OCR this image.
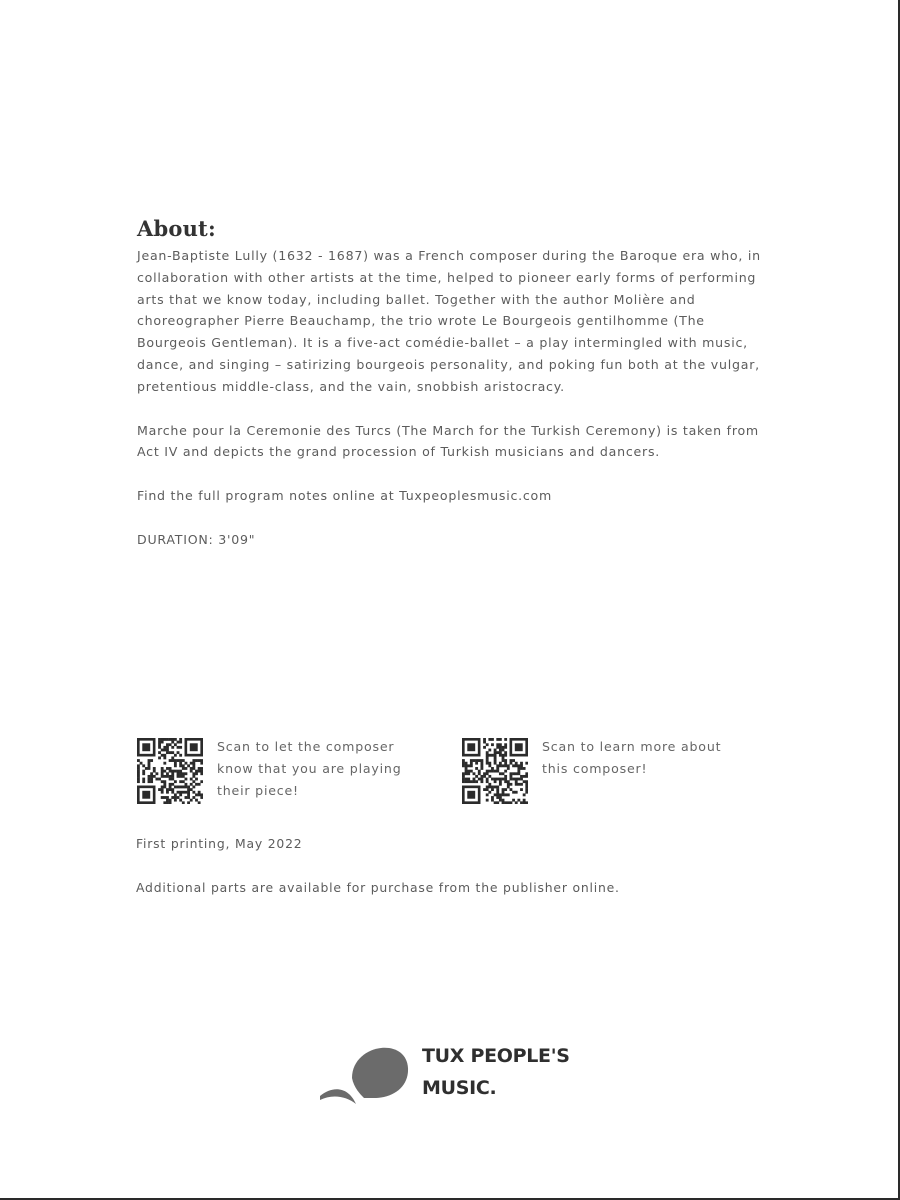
About:

Jean-Baptiste Lully (1632 - 1687) was a French composer during the Baroque era who, in collaboration with other artists at the time, helped to pioneer early forms of performing arts that we know today, including ballet. Together with the author Molière and choreographer Pierre Beauchamp, the trio wrote Le Bourgeois gentilhomme (The Bourgeois Gentleman). It is a five-act comédie-ballet – a play intermingled with music, dance, and singing – satirizing bourgeois personality, and poking fun both at the vulgar, pretentious middle-class, and the vain, snobbish aristocracy.

Marche pour la Ceremonie des Turcs (The March for the Turkish Ceremony) is taken from Act IV and depicts the grand procession of Turkish musicians and dancers.

Find the full program notes online at Tuxpeoplesmusic.com

DURATION: 3'09"

Scan to let the composer know that you are playing their piece!
Scan to learn more about this composer!
First printing, May 2022
Additional parts are available for purchase from the publisher online.
TUX PEOPLE'S
MUSIC.
